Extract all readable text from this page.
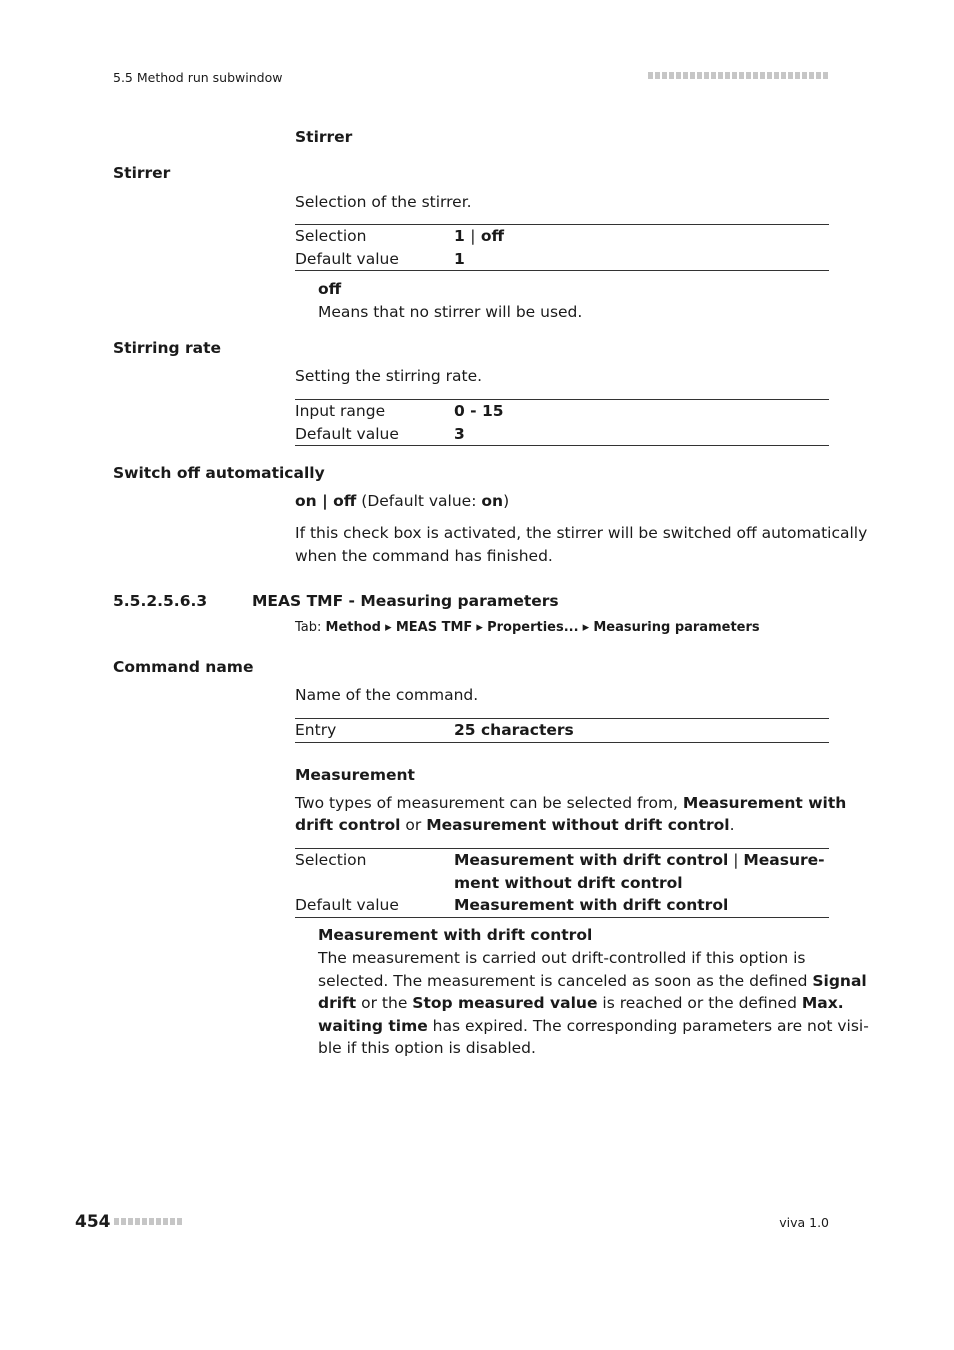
5.5 Method run subwindow
Stirrer
Stirrer
Selection of the stirrer.
Selection	1 | off
Default value	1
off
Means that no stirrer will be used.
Stirring rate
Setting the stirring rate.
Input range	0 - 15
Default value	3
Switch off automatically
on | off (Default value: on)
If this check box is activated, the stirrer will be switched off automatically
when the command has finished.
5.5.2.5.6.3	MEAS TMF - Measuring parameters
Tab: Method ▸ MEAS TMF ▸ Properties... ▸ Measuring parameters
Command name
Name of the command.
Entry	25 characters
Measurement
Two types of measurement can be selected from, Measurement with
drift control or Measurement without drift control.
Selection	Measurement with drift control | Measure-
ment without drift control
Default value	Measurement with drift control
Measurement with drift control
The measurement is carried out drift-controlled if this option is
selected. The measurement is canceled as soon as the defined Signal
drift or the Stop measured value is reached or the defined Max.
waiting time has expired. The corresponding parameters are not visi-
ble if this option is disabled.
454	viva 1.0
